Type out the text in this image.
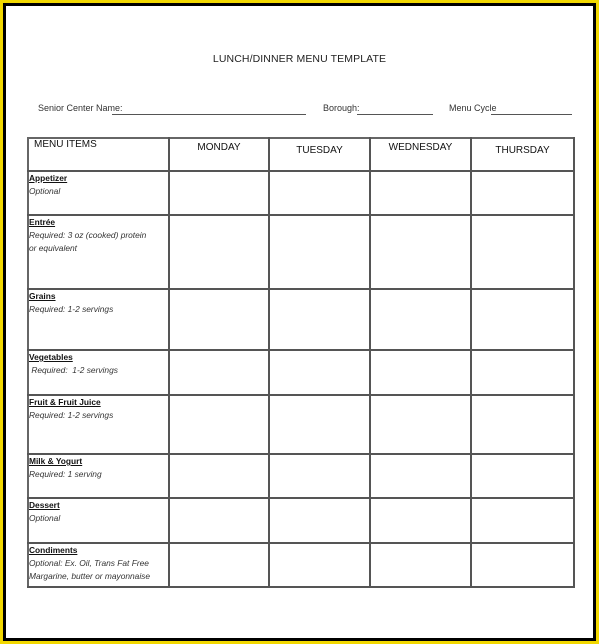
LUNCH/DINNER MENU TEMPLATE
Senior Center Name:	Borough:	Menu Cycle
MENU ITEMS	MONDAY	TUESDAY	WEDNESDAY	THURSDAY

Appetizer
Optional				

Entrée
Required: 3 oz (cooked) protein
or equivalent				

Grains
Required: 1-2 servings				

Vegetables
Required:  1-2 servings				

Fruit & Fruit Juice
Required: 1-2 servings				

Milk & Yogurt
Required: 1 serving				

Dessert
Optional				

Condiments
Optional: Ex. Oil, Trans Fat Free
Margarine, butter or mayonnaise				
